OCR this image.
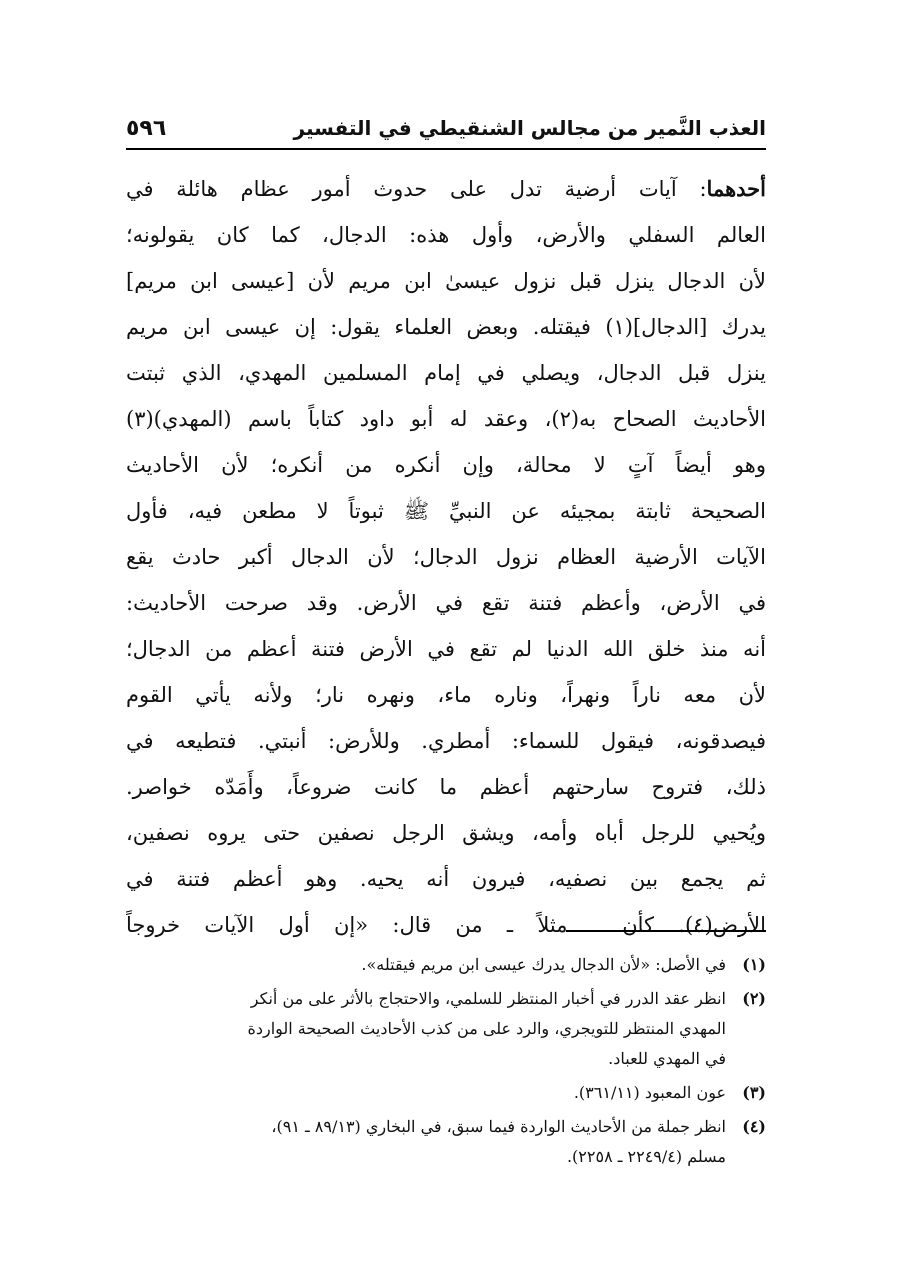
العذب النَّمير من مجالس الشنقيطي في التفسير
٥٩٦
أحدهما: آيات أرضية تدل على حدوث أمور عظام هائلة في
العالم السفلي والأرض، وأول هذه: الدجال، كما كان يقولونه؛
لأن الدجال ينزل قبل نزول عيسىٰ ابن مريم لأن [عيسى ابن مريم]
يدرك [الدجال](١) فيقتله. وبعض العلماء يقول: إن عيسى ابن مريم
ينزل قبل الدجال، ويصلي في إمام المسلمين المهدي، الذي ثبتت
الأحاديث الصحاح به(٢)، وعقد له أبو داود كتاباً باسم (المهدي)(٣)
وهو أيضاً آتٍ لا محالة، وإن أنكره من أنكره؛ لأن الأحاديث
الصحيحة ثابتة بمجيئه عن النبيِّ ﷺ ثبوتاً لا مطعن فيه، فأول
الآيات الأرضية العظام نزول الدجال؛ لأن الدجال أكبر حادث يقع
في الأرض، وأعظم فتنة تقع في الأرض. وقد صرحت الأحاديث:
أنه منذ خلق الله الدنيا لم تقع في الأرض فتنة أعظم من الدجال؛
لأن معه ناراً ونهراً، وناره ماء، ونهره نار؛ ولأنه يأتي القوم
فيصدقونه، فيقول للسماء: أمطري. وللأرض: أنبتي. فتطيعه في
ذلك، فتروح سارحتهم أعظم ما كانت ضروعاً، وأَمَدّه خواصر.
ويُحيي للرجل أباه وأمه، ويشق الرجل نصفين حتى يروه نصفين،
ثم يجمع بين نصفيه، فيرون أنه يحيه. وهو أعظم فتنة في
الأرض(٤). كأن ـ مثلاً ـ من قال: «إن أول الآيات خروجاً
(١)
في الأصل: «لأن الدجال يدرك عيسى ابن مريم فيقتله».
(٢)
انظر عقد الدرر في أخبار المنتظر للسلمي، والاحتجاج بالأثر على من أنكر
المهدي المنتظر للتويجري، والرد على من كذب الأحاديث الصحيحة الواردة
في المهدي للعباد.
(٣)
عون المعبود (٣٦١/١١).
(٤)
انظر جملة من الأحاديث الواردة فيما سبق، في البخاري (٨٩/١٣ ـ ٩١)،
مسلم (٢٢٤٩/٤ ـ ٢٢٥٨).
